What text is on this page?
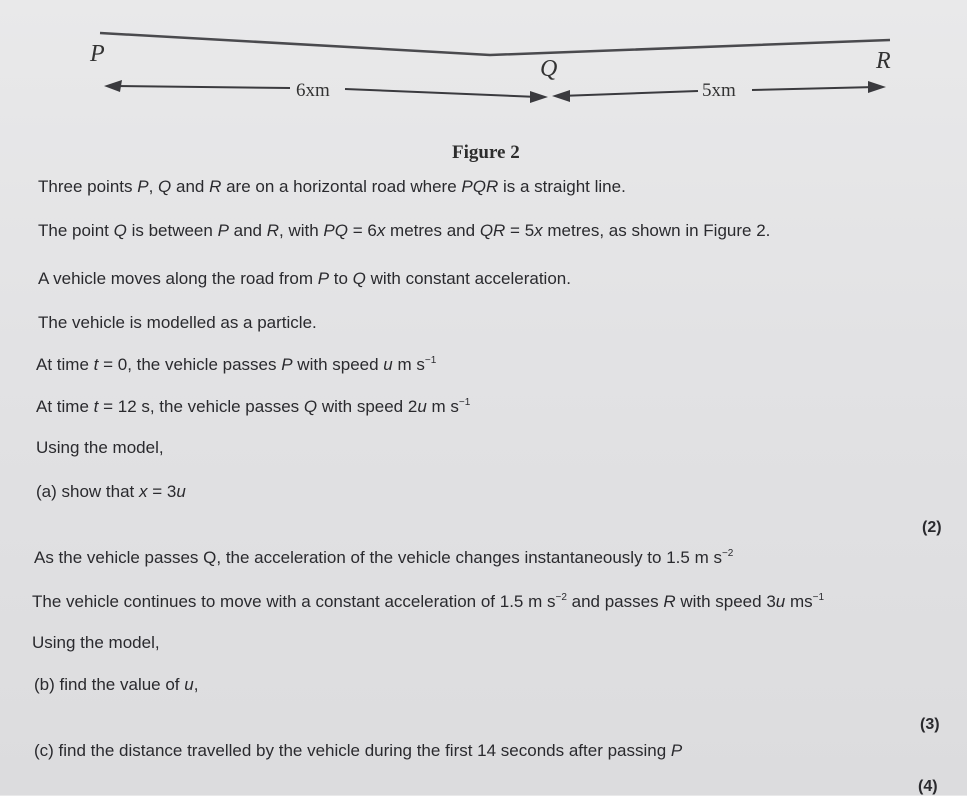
P
Q	R
6xm	5xm
Figure 2
Three points P, Q and R are on a horizontal road where PQR is a straight line.
The point Q is between P and R, with PQ = 6x metres and QR = 5x metres, as shown in Figure 2.
A vehicle moves along the road from P to Q with constant acceleration.
The vehicle is modelled as a particle.
At time t = 0, the vehicle passes P with speed u m $s^{-1}$
At time t = 12 s, the vehicle passes Q with speed 2u m $s^{-1}$
Using the model,
(a) show that x = 3u
(2)
As the vehicle passes Q, the acceleration of the vehicle changes instantaneously to 1.5 m $s^{-2}$
The vehicle continues to move with a constant acceleration of 1.5 m $s^{-2}$ and passes R with speed 3u $ms^{-1}$
Using the model,
(b) find the value of u,
(3)
(c) find the distance travelled by the vehicle during the first 14 seconds after passing P
(4)
